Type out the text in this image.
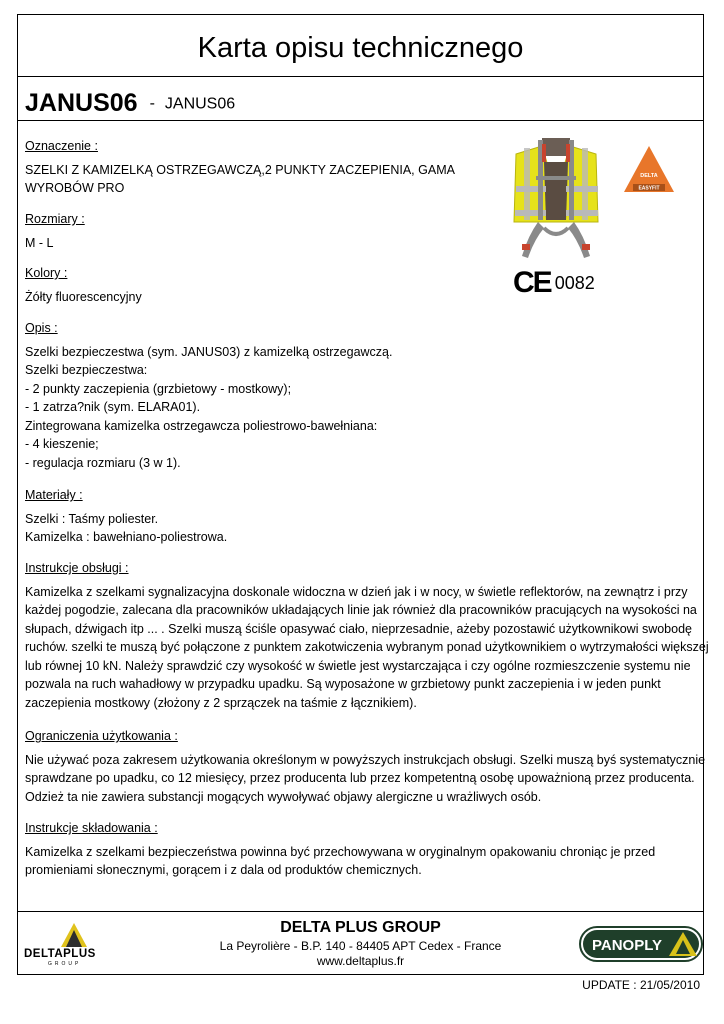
Karta opisu technicznego
JANUS06 - JANUS06
Oznaczenie :
SZELKI Z KAMIZELKĄ OSTRZEGAWCZĄ,2 PUNKTY ZACZEPIENIA, GAMA
WYROBÓW PRO
Rozmiary :
M - L
Kolory :
Żółty fluorescencyjny
Opis :
Szelki bezpieczestwa (sym. JANUS03) z kamizelką ostrzegawczą.
Szelki bezpieczestwa:
- 2 punkty zaczepienia (grzbietowy - mostkowy);
- 1 zatrza?nik (sym. ELARA01).
Zintegrowana kamizelka ostrzegawcza poliestrowo-bawełniana:
- 4 kieszenie;
- regulacja rozmiaru (3 w 1).
Materiały :
Szelki : Taśmy poliester.
Kamizelka : bawełniano-poliestrowa.
Instrukcje obsługi :
Kamizelka z szelkami sygnalizacyjna doskonale widoczna w dzień jak i w nocy, w świetle reflektorów, na zewnątrz i przy
każdej pogodzie, zalecana dla pracowników układających linie jak również dla pracowników pracujących na wysokości na
słupach, dźwigach itp ... . Szelki muszą ściśle opasywać ciało, nieprzesadnie, ażeby pozostawić użytkownikowi swobodę
ruchów. szelki te muszą być połączone z punktem zakotwiczenia wybranym ponad użytkownikiem o wytrzymałości większej
lub równej 10 kN. Należy sprawdzić czy wysokość w świetle jest wystarczająca i czy ogólne rozmieszczenie systemu nie
pozwala na ruch wahadłowy w przypadku upadku. Są wyposażone w grzbietowy punkt zaczepienia i w jeden punkt
zaczepienia mostkowy (złożony z 2 sprzączek na taśmie z łącznikiem).
Ograniczenia użytkowania :
Nie używać poza zakresem użytkowania określonym w powyższych instrukcjach obsługi. Szelki muszą byś systematycznie
sprawdzane po upadku, co 12 miesięcy, przez producenta lub przez kompetentną osobę upoważnioną przez producenta.
Odzież ta nie zawiera substancji mogących wywoływać objawy alergiczne u wrażliwych osób.
Instrukcje składowania :
Kamizelka z szelkami bezpieczeństwa powinna być przechowywana w oryginalnym opakowaniu chroniąc je przed
promieniami słonecznymi, gorącem i z dala od produktów chemicznych.
DELTA
EASYFIT
CE 0082
DELTAPLUS
GROUP
DELTA PLUS GROUP
La Peyrolière - B.P. 140 - 84405 APT Cedex - France
www.deltaplus.fr
PANOPLY
UPDATE : 21/05/2010
